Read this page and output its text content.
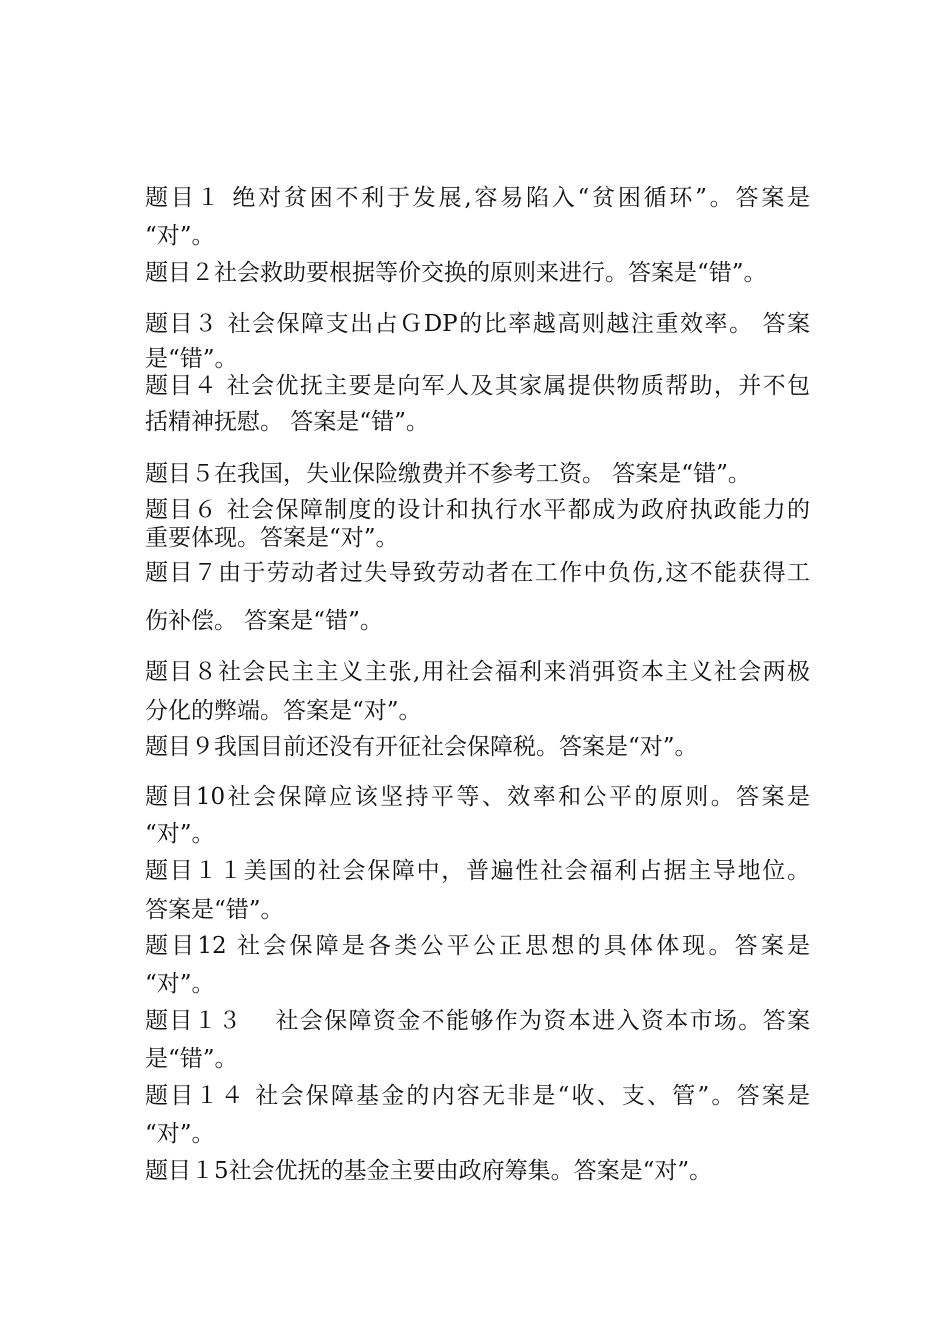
题目１ 绝对贫困不利于发展,容易陷入“贫困循环”。答案是
“对”。
题目２社会救助要根据等价交换的原则来进行。答案是“错”。
题目３ 社会保障支出占ＧDP的比率越高则越注重效率。 答案
是“错”。
题目４ 社会优抚主要是向军人及其家属提供物质帮助，并不包
括精神抚慰。 答案是“错”。
题目５在我国，失业保险缴费并不参考工资。 答案是“错”。
题目６ 社会保障制度的设计和执行水平都成为政府执政能力的
重要体现。答案是“对”。
题目７由于劳动者过失导致劳动者在工作中负伤,这不能获得工
伤补偿。 答案是“错”。
题目８社会民主主义主张,用社会福利来消弭资本主义社会两极
分化的弊端。答案是“对”。
题目９我国目前还没有开征社会保障税。答案是“对”。
题目10社会保障应该坚持平等、效率和公平的原则。答案是
“对”。
题目１１美国的社会保障中，普遍性社会福利占据主导地位。
答案是“错”。
题目12 社会保障是各类公平公正思想的具体体现。答案是
“对”。
题目１３　 社会保障资金不能够作为资本进入资本市场。答案
是“错”。
题目１４ 社会保障基金的内容无非是“收、支、管”。答案是
“对”。
题目１5社会优抚的基金主要由政府筹集。答案是“对”。
